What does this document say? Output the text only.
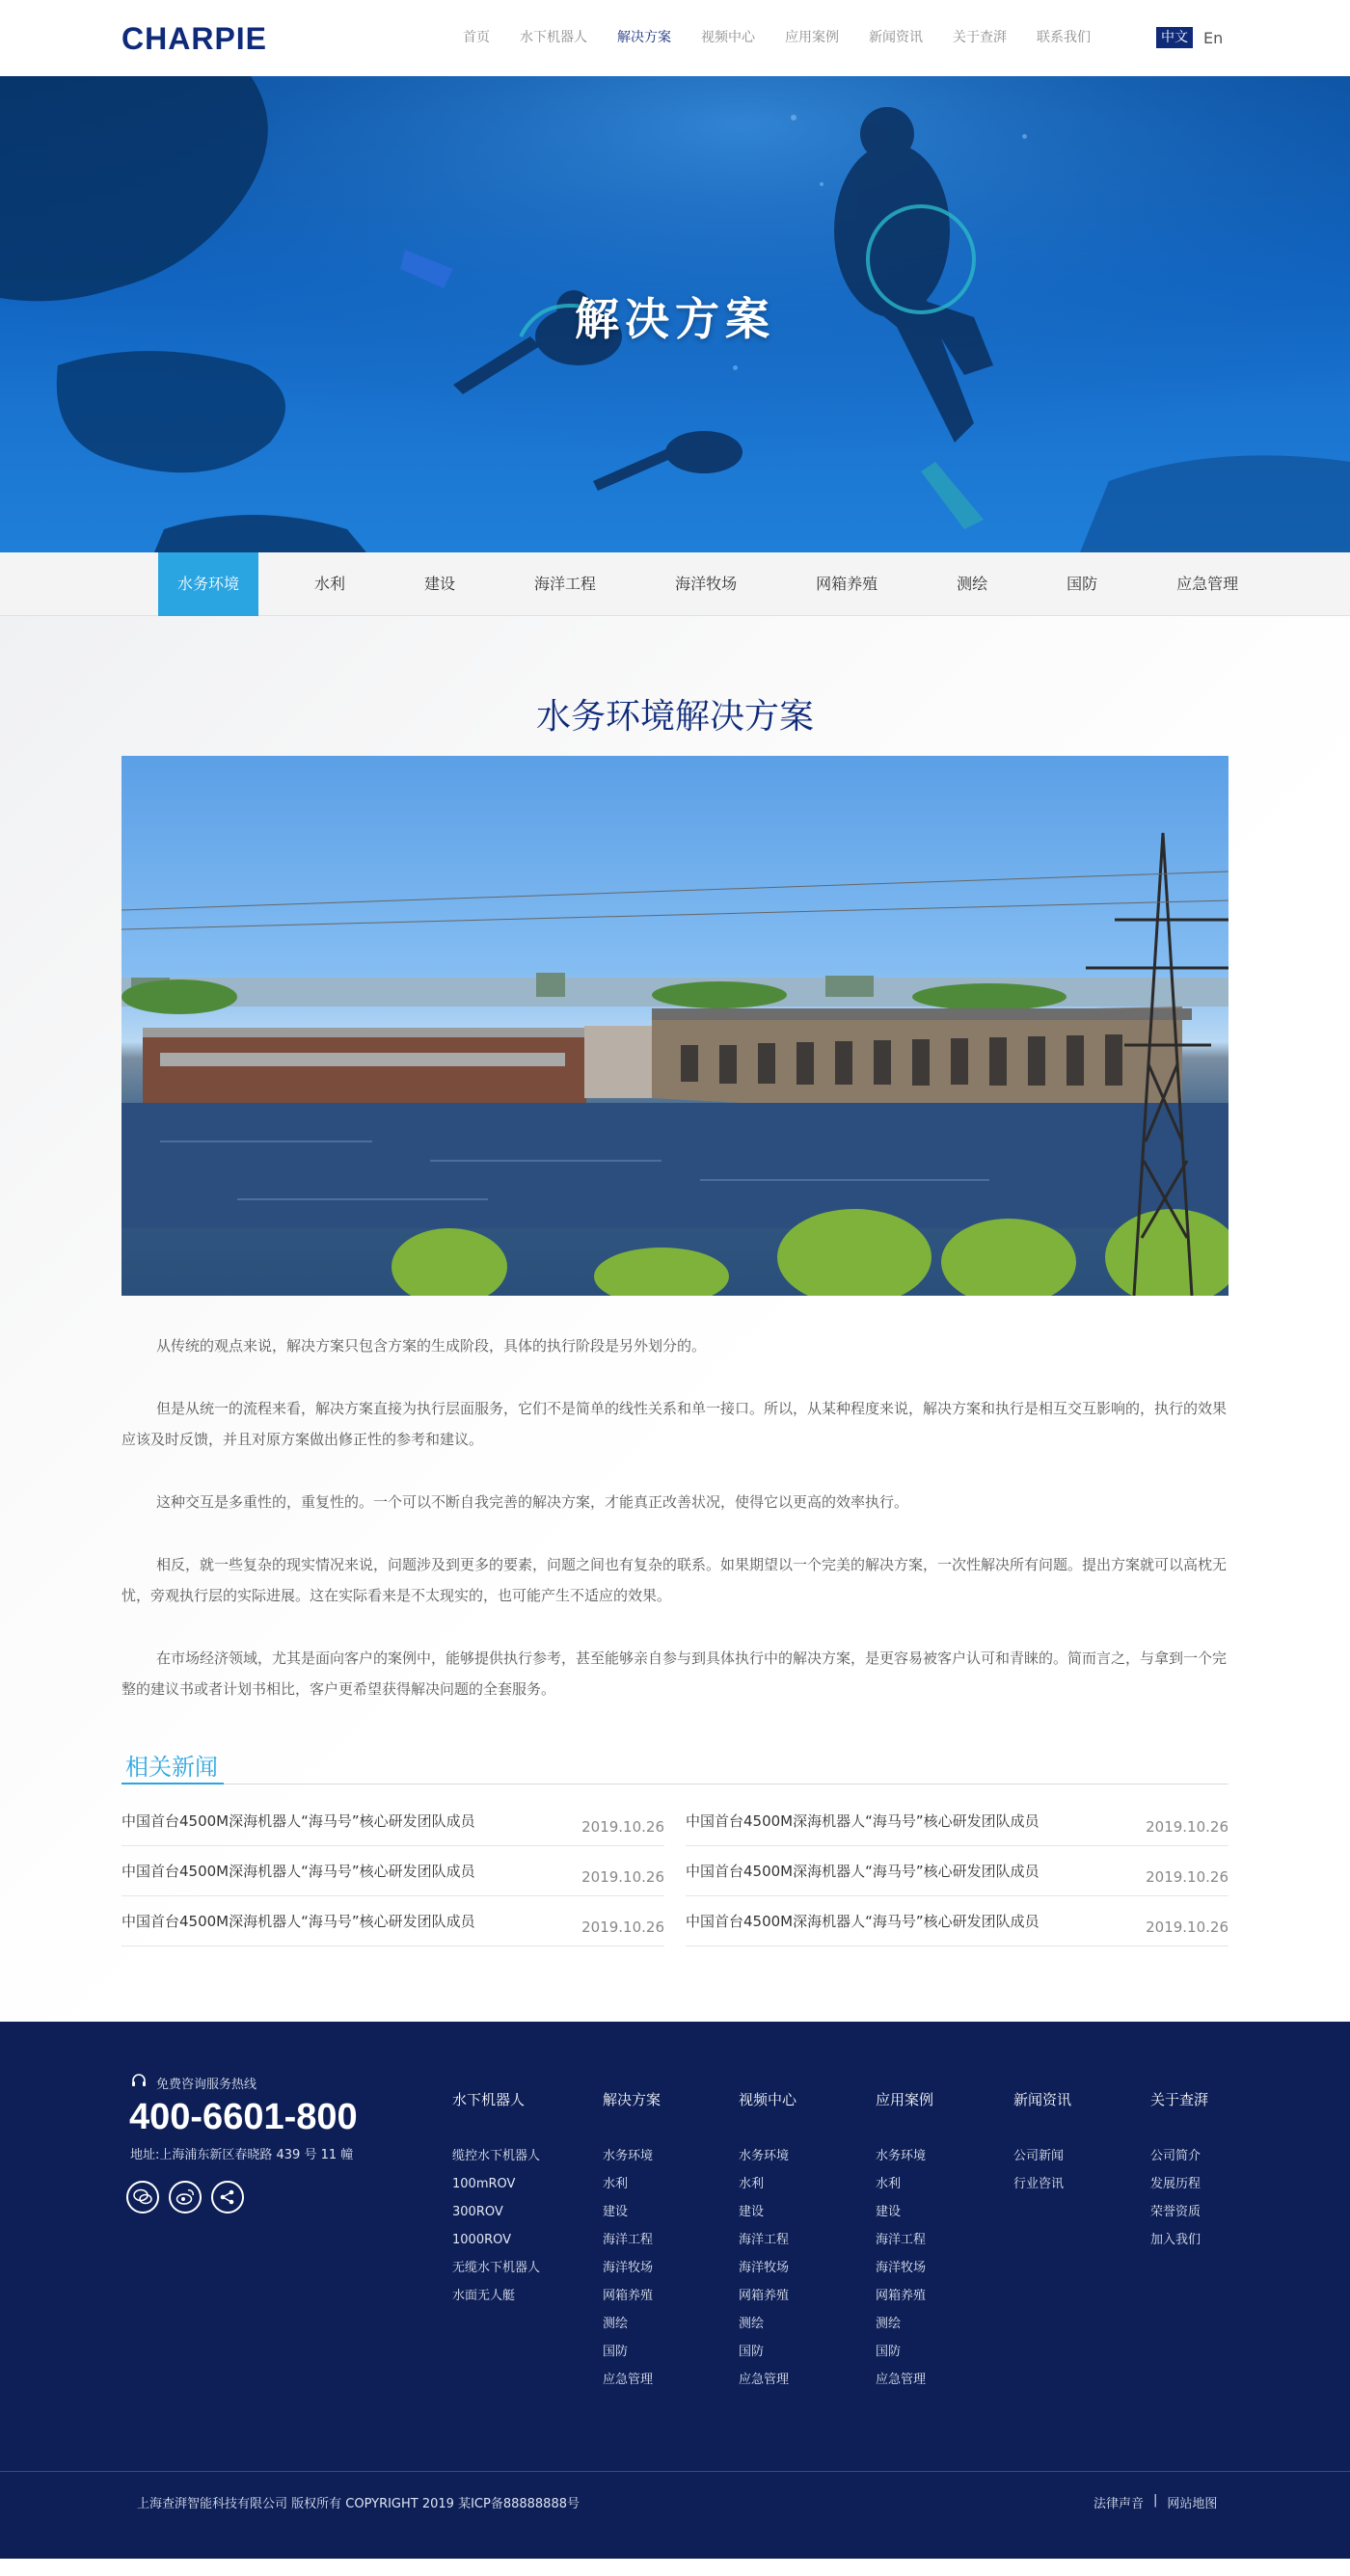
CHARPIE	首页 水下机器人 解决方案 视频中心 应用案例 新闻资讯 关于查湃 联系我们	中文	En
解决方案
水务环境	水利	建设	海洋工程	海洋牧场	网箱养殖	测绘	国防	应急管理
水务环境解决方案

从传统的观点来说，解决方案只包含方案的生成阶段，具体的执行阶段是另外划分的。

但是从统一的流程来看，解决方案直接为执行层面服务，它们不是简单的线性关系和单一接口。所以，从某种程度来说，解决方案和执行是相互交互影响的，执行的效果应该及时反馈，并且对原方案做出修正性的参考和建议。

这种交互是多重性的，重复性的。一个可以不断自我完善的解决方案，才能真正改善状况，使得它以更高的效率执行。

相反，就一些复杂的现实情况来说，问题涉及到更多的要素，问题之间也有复杂的联系。如果期望以一个完美的解决方案，一次性解决所有问题。提出方案就可以高枕无忧，旁观执行层的实际进展。这在实际看来是不太现实的，也可能产生不适应的效果。

在市场经济领域，尤其是面向客户的案例中，能够提供执行参考，甚至能够亲自参与到具体执行中的解决方案，是更容易被客户认可和青睐的。简而言之，与拿到一个完整的建议书或者计划书相比，客户更希望获得解决问题的全套服务。

相关新闻
中国首台4500M深海机器人“海马号”核心研发团队成员	2019.10.26
中国首台4500M深海机器人“海马号”核心研发团队成员	2019.10.26
中国首台4500M深海机器人“海马号”核心研发团队成员	2019.10.26
中国首台4500M深海机器人“海马号”核心研发团队成员	2019.10.26
中国首台4500M深海机器人“海马号”核心研发团队成员	2019.10.26
中国首台4500M深海机器人“海马号”核心研发团队成员	2019.10.26
免费咨询服务热线
400-6601-800
地址:上海浦东新区春晓路 439 号 11 幢
水下机器人
缆控水下机器人
100mROV
300ROV
1000ROV
无缆水下机器人
水面无人艇
解决方案
水务环境
水利
建设
海洋工程
海洋牧场
网箱养殖
测绘
国防
应急管理
视频中心
水务环境
水利
建设
海洋工程
海洋牧场
网箱养殖
测绘
国防
应急管理
应用案例
水务环境
水利
建设
海洋工程
海洋牧场
网箱养殖
测绘
国防
应急管理
新闻资讯
公司新闻
行业咨讯
关于查湃
公司简介
发展历程
荣誉资质
加入我们
上海查湃智能科技有限公司 版权所有 COPYRIGHT 2019 某ICP备88888888号	法律声音 | 网站地图
